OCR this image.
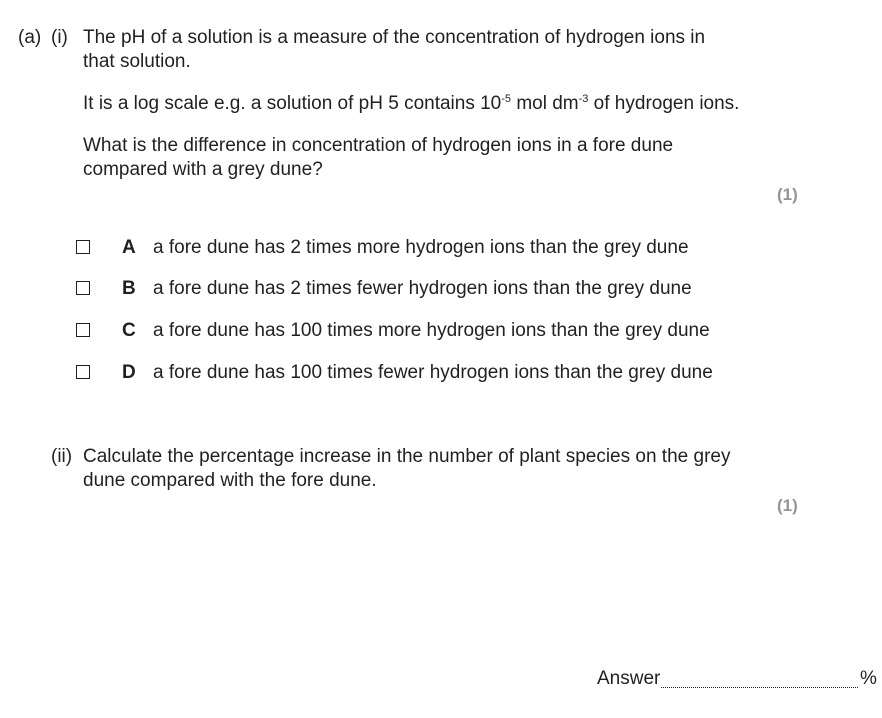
(a) (i) The pH of a solution is a measure of the concentration of hydrogen ions in
that solution.
It is a log scale e.g. a solution of pH 5 contains $10^{-5}$ mol $dm^{-3}$ of hydrogen ions.
What is the difference in concentration of hydrogen ions in a fore dune
compared with a grey dune?
(1)
A a fore dune has 2 times more hydrogen ions than the grey dune
B a fore dune has 2 times fewer hydrogen ions than the grey dune
C a fore dune has 100 times more hydrogen ions than the grey dune
D a fore dune has 100 times fewer hydrogen ions than the grey dune
(ii) Calculate the percentage increase in the number of plant species on the grey
dune compared with the fore dune.
(1)
Answer	%
